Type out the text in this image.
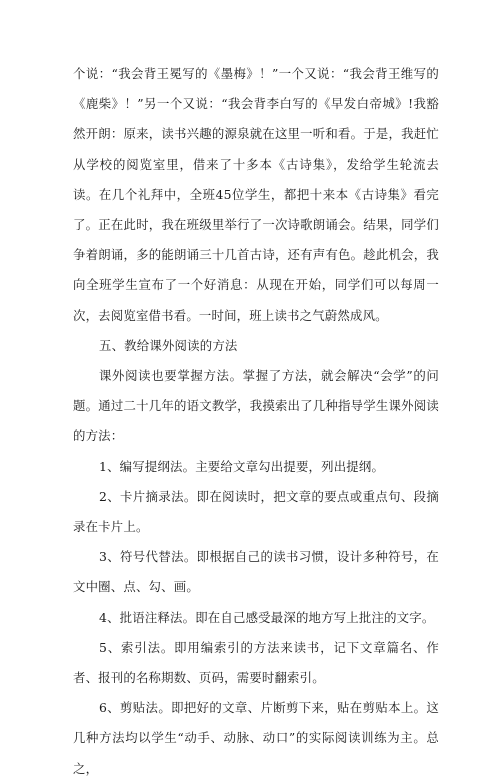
个说：“我会背王冕写的《墨梅》！”一个又说：“我会背王维写的《鹿柴》！”另一个又说：“我会背李白写的《早发白帝城》!我豁然开朗：原来，读书兴趣的源泉就在这里一听和看。于是，我赶忙从学校的阅览室里，借来了十多本《古诗集》，发给学生轮流去读。在几个礼拜中，全班45位学生，都把十来本《古诗集》看完了。正在此时，我在班级里举行了一次诗歌朗诵会。结果，同学们争着朗诵，多的能朗诵三十几首古诗，还有声有色。趁此机会，我向全班学生宣布了一个好消息：从现在开始，同学们可以每周一次，去阅览室借书看。一时间，班上读书之气蔚然成风。

五、教给课外阅读的方法

课外阅读也要掌握方法。掌握了方法，就会解决“会学”的问题。通过二十几年的语文教学，我摸索出了几种指导学生课外阅读的方法：

1、编写提纲法。主要给文章勾出提要，列出提纲。

2、卡片摘录法。即在阅读时，把文章的要点或重点句、段摘录在卡片上。

3、符号代替法。即根据自己的读书习惯，设计多种符号，在文中圈、点、勾、画。

4、批语注释法。即在自己感受最深的地方写上批注的文字。

5、索引法。即用编索引的方法来读书，记下文章篇名、作者、报刊的名称期数、页码，需要时翻索引。

6、剪贴法。即把好的文章、片断剪下来，贴在剪贴本上。这几种方法均以学生“动手、动脉、动口”的实际阅读训练为主。总之，
